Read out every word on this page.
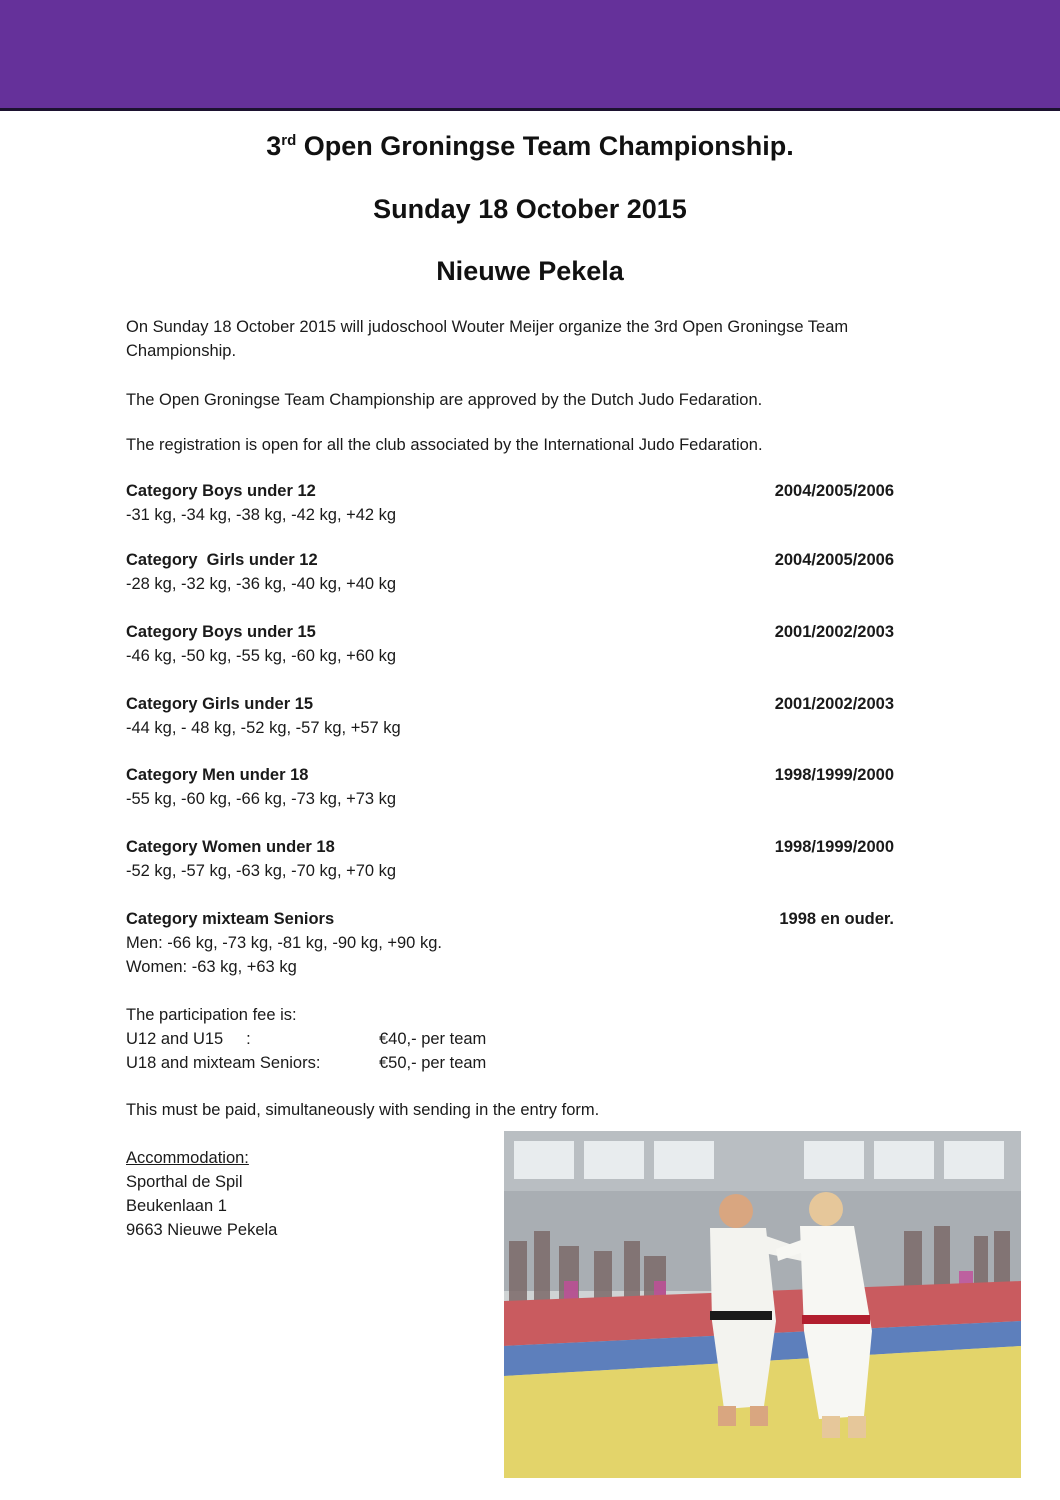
3rd Open Groningse Team Championship.
Sunday 18 October 2015
Nieuwe Pekela
On Sunday 18 October 2015 will judoschool Wouter Meijer organize the 3rd Open Groningse Team Championship.
The Open Groningse Team Championship are approved by the Dutch Judo Fedaration.
The registration is open for all the club associated by the International Judo Fedaration.
Category Boys under 12	2004/2005/2006
-31 kg, -34 kg, -38 kg, -42 kg, +42 kg
Category  Girls under 12	2004/2005/2006
-28 kg, -32 kg, -36 kg, -40 kg, +40 kg
Category Boys under 15	2001/2002/2003
-46 kg, -50 kg, -55 kg, -60 kg, +60 kg
Category Girls under 15	2001/2002/2003
-44 kg, - 48 kg, -52 kg, -57 kg, +57 kg
Category Men under 18	1998/1999/2000
-55 kg, -60 kg, -66 kg, -73 kg, +73 kg
Category Women under 18	1998/1999/2000
-52 kg, -57 kg, -63 kg, -70 kg, +70 kg
Category mixteam Seniors	1998 en ouder.
Men: -66 kg, -73 kg, -81 kg, -90 kg, +90 kg.
Women: -63 kg, +63 kg
The participation fee is:
U12 and U15     :	€40,- per team
U18 and mixteam Seniors:	€50,- per team
This must be paid, simultaneously with sending in the entry form.
Accommodation:
Sporthal de Spil
Beukenlaan 1
9663 Nieuwe Pekela
